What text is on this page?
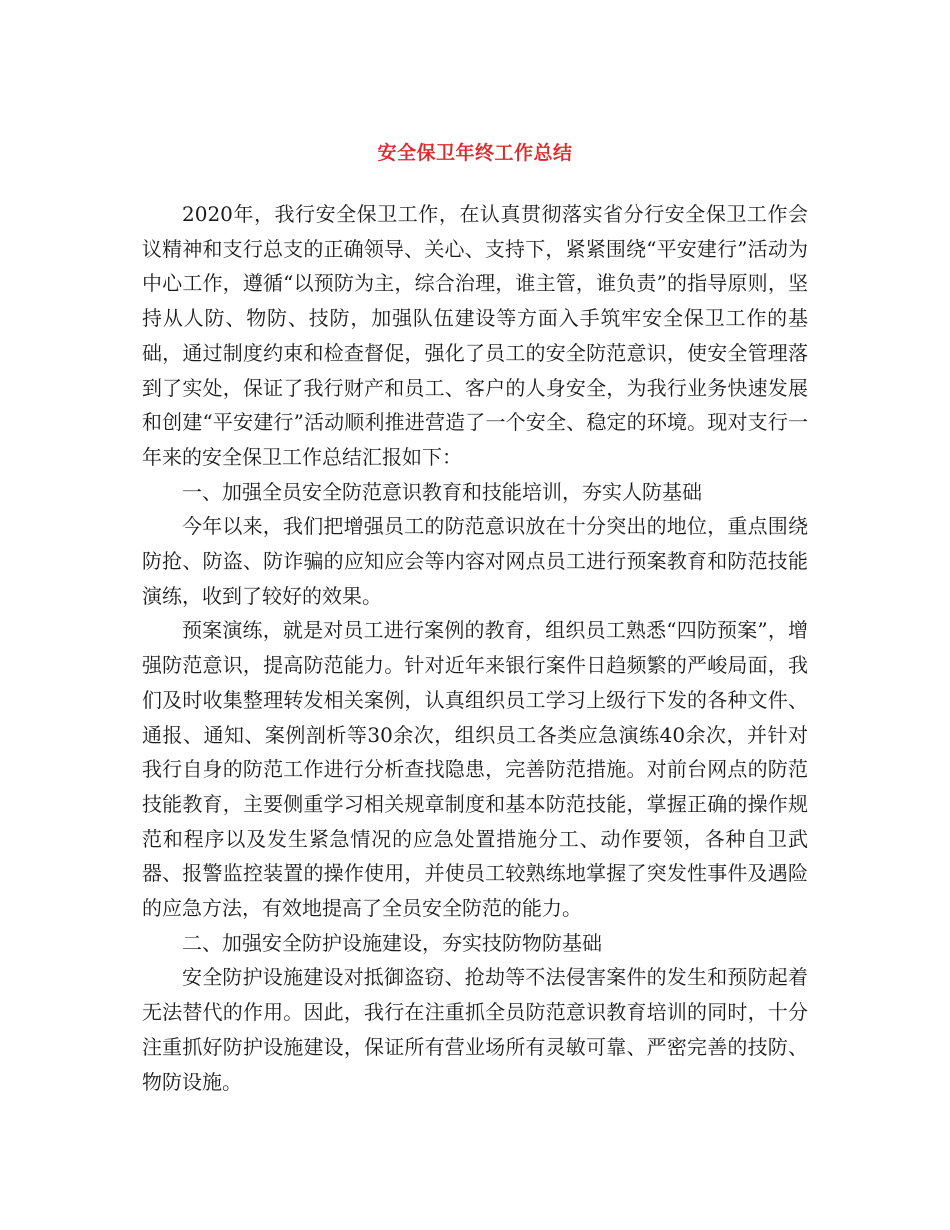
安全保卫年终工作总结

2020年，我行安全保卫工作，在认真贯彻落实省分行安全保卫工作会议精神和支行总支的正确领导、关心、支持下，紧紧围绕“平安建行”活动为中心工作，遵循“以预防为主，综合治理，谁主管，谁负责”的指导原则，坚持从人防、物防、技防，加强队伍建设等方面入手筑牢安全保卫工作的基础，通过制度约束和检查督促，强化了员工的安全防范意识，使安全管理落到了实处，保证了我行财产和员工、客户的人身安全，为我行业务快速发展和创建“平安建行”活动顺利推进营造了一个安全、稳定的环境。现对支行一年来的安全保卫工作总结汇报如下：

一、加强全员安全防范意识教育和技能培训，夯实人防基础

今年以来，我们把增强员工的防范意识放在十分突出的地位，重点围绕防抢、防盗、防诈骗的应知应会等内容对网点员工进行预案教育和防范技能演练，收到了较好的效果。

预案演练，就是对员工进行案例的教育，组织员工熟悉“四防预案”，增强防范意识，提高防范能力。针对近年来银行案件日趋频繁的严峻局面，我们及时收集整理转发相关案例，认真组织员工学习上级行下发的各种文件、通报、通知、案例剖析等30余次，组织员工各类应急演练40余次，并针对我行自身的防范工作进行分析查找隐患，完善防范措施。对前台网点的防范技能教育，主要侧重学习相关规章制度和基本防范技能，掌握正确的操作规范和程序以及发生紧急情况的应急处置措施分工、动作要领，各种自卫武器、报警监控装置的操作使用，并使员工较熟练地掌握了突发性事件及遇险的应急方法，有效地提高了全员安全防范的能力。

二、加强安全防护设施建设，夯实技防物防基础

安全防护设施建设对抵御盗窃、抢劫等不法侵害案件的发生和预防起着无法替代的作用。因此，我行在注重抓全员防范意识教育培训的同时，十分注重抓好防护设施建设，保证所有营业场所有灵敏可靠、严密完善的技防、物防设施。
